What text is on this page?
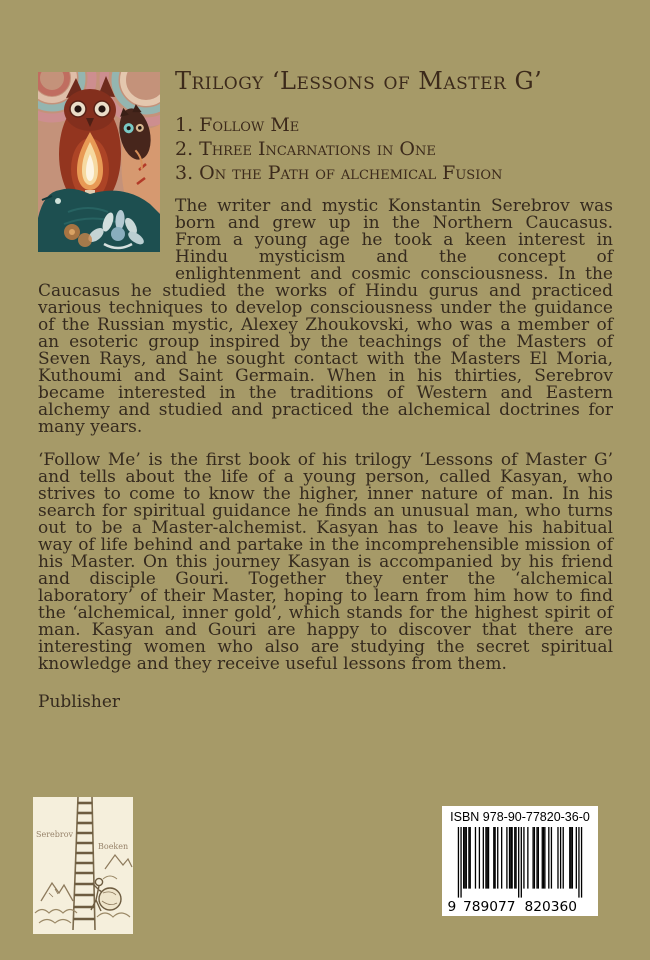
Trilogy ‘Lessons of Master G’
1. Follow Me
2. Three Incarnations in One
3. On the Path of alchemical Fusion

The writer and mystic Konstantin Serebrov was born and grew up in the Northern Caucasus. From a young age he took a keen interest in Hindu mysticism and the concept of enlightenment and cosmic consciousness. In the Caucasus he studied the works of Hindu gurus and practiced various techniques to develop consciousness under the guidance of the Russian mystic, Alexey Zhoukovski, who was a member of an esoteric group inspired by the teachings of the Masters of Seven Rays, and he sought contact with the Masters El Moria, Kuthoumi and Saint Germain. When in his thirties, Serebrov became interested in the traditions of Western and Eastern alchemy and studied and practiced the alchemical doctrines for many years.

‘Follow Me’ is the first book of his trilogy ‘Lessons of Master G’ and tells about the life of a young person, called Kasyan, who strives to come to know the higher, inner nature of man. In his search for spiritual guidance he finds an unusual man, who turns out to be a Master-alchemist. Kasyan has to leave his habitual way of life behind and partake in the incomprehensible mission of his Master. On this journey Kasyan is accompanied by his friend and disciple Gouri. Together they enter the ‘alchemical laboratory’ of their Master, hoping to learn from him how to find the ‘alchemical, inner gold’, which stands for the highest spirit of man. Kasyan and Gouri are happy to discover that there are interesting women who also are studying the secret spiritual knowledge and they receive useful lessons from them.

Publisher

Serebrov
Boeken
ISBN 978-90-77820-36-0
9 789077 820360
